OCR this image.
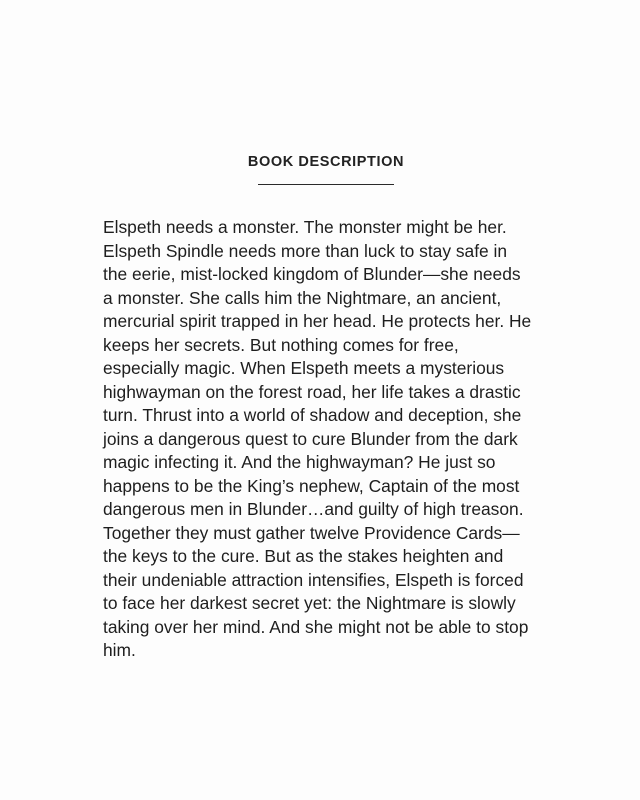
BOOK DESCRIPTION

Elspeth needs a monster. The monster might be her.
Elspeth Spindle needs more than luck to stay safe in
the eerie, mist-locked kingdom of Blunder—she needs
a monster. She calls him the Nightmare, an ancient,
mercurial spirit trapped in her head. He protects her. He
keeps her secrets. But nothing comes for free,
especially magic. When Elspeth meets a mysterious
highwayman on the forest road, her life takes a drastic
turn. Thrust into a world of shadow and deception, she
joins a dangerous quest to cure Blunder from the dark
magic infecting it. And the highwayman? He just so
happens to be the King’s nephew, Captain of the most
dangerous men in Blunder…and guilty of high treason.
Together they must gather twelve Providence Cards—
the keys to the cure. But as the stakes heighten and
their undeniable attraction intensifies, Elspeth is forced
to face her darkest secret yet: the Nightmare is slowly
taking over her mind. And she might not be able to stop
him.
